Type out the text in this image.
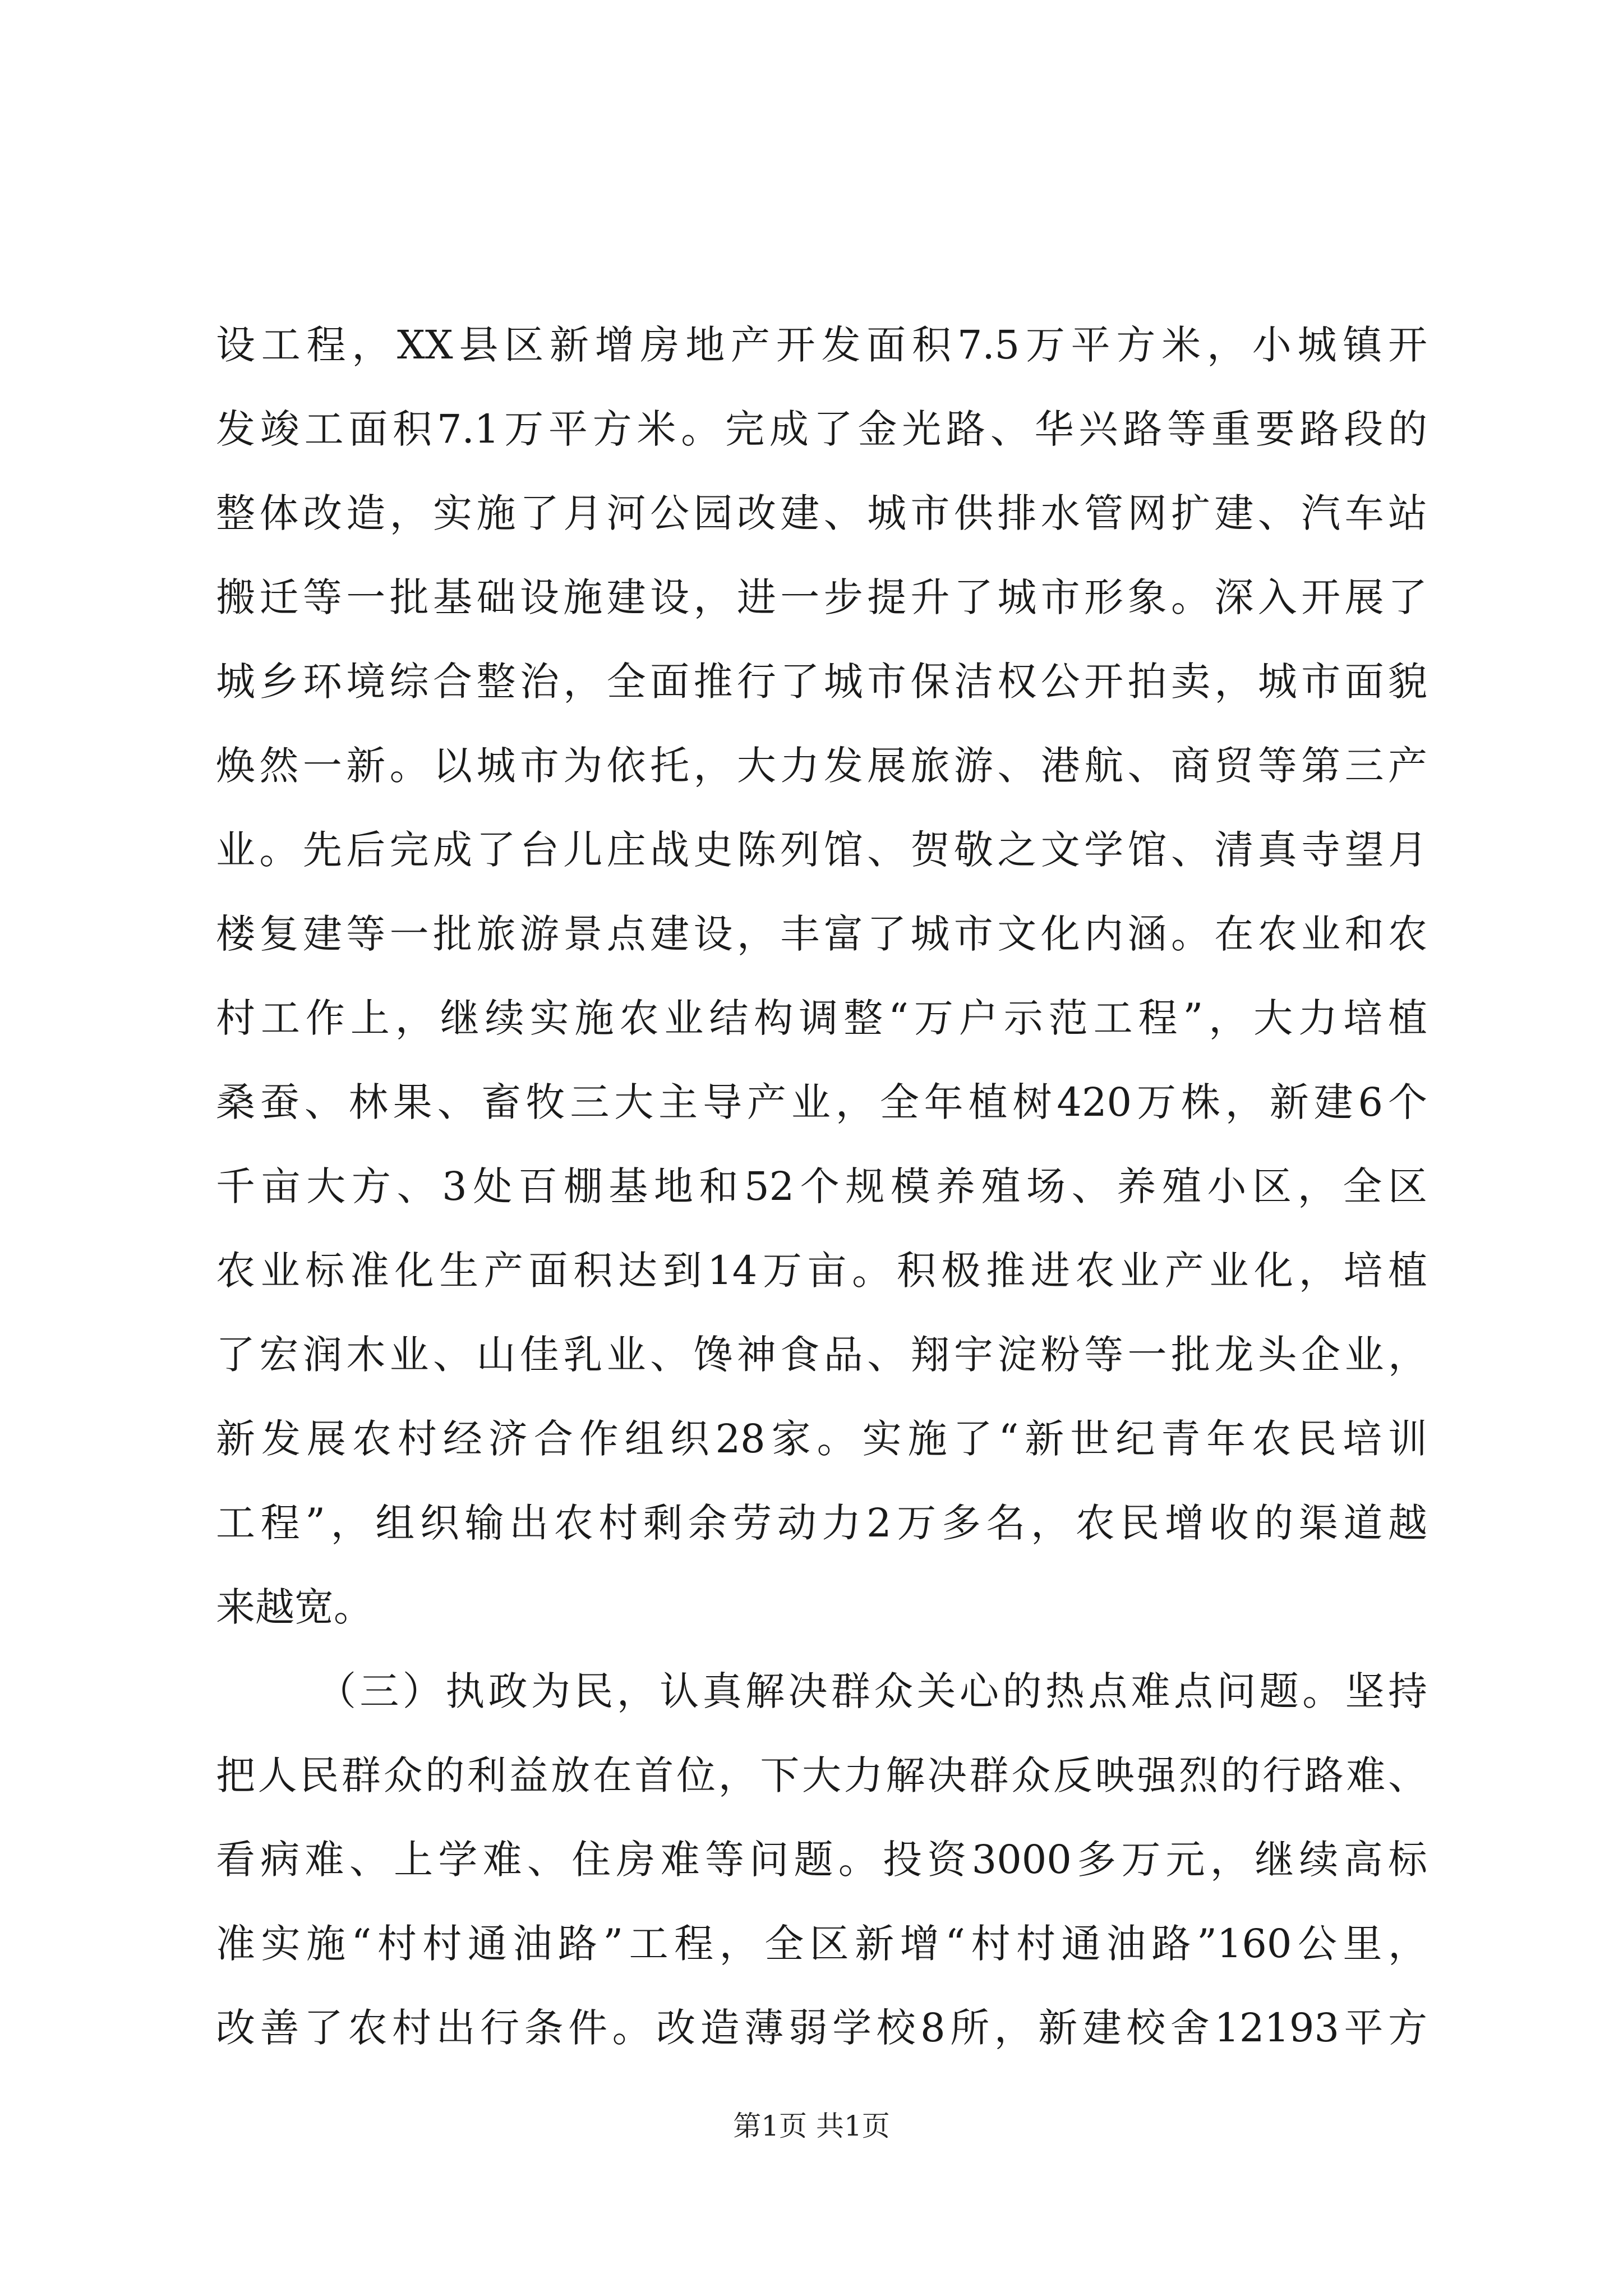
设工程，XX县区新增房地产开发面积7.5万平方米，小城镇开
发竣工面积7.1万平方米。完成了金光路、华兴路等重要路段的
整体改造，实施了月河公园改建、城市供排水管网扩建、汽车站
搬迁等一批基础设施建设，进一步提升了城市形象。深入开展了
城乡环境综合整治，全面推行了城市保洁权公开拍卖，城市面貌
焕然一新。以城市为依托，大力发展旅游、港航、商贸等第三产
业。先后完成了台儿庄战史陈列馆、贺敬之文学馆、清真寺望月
楼复建等一批旅游景点建设，丰富了城市文化内涵。在农业和农
村工作上，继续实施农业结构调整“万户示范工程”，大力培植
桑蚕、林果、畜牧三大主导产业，全年植树420万株，新建6个
千亩大方、3处百棚基地和52个规模养殖场、养殖小区，全区
农业标准化生产面积达到14万亩。积极推进农业产业化，培植
了宏润木业、山佳乳业、馋神食品、翔宇淀粉等一批龙头企业，
新发展农村经济合作组织28家。实施了“新世纪青年农民培训
工程”，组织输出农村剩余劳动力2万多名，农民增收的渠道越
来越宽。
（三）执政为民，认真解决群众关心的热点难点问题。坚持
把人民群众的利益放在首位，下大力解决群众反映强烈的行路难、
看病难、上学难、住房难等问题。投资3000多万元，继续高标
准实施“村村通油路”工程，全区新增“村村通油路”160公里，
改善了农村出行条件。改造薄弱学校8所，新建校舍12193平方
第1页 共1页
